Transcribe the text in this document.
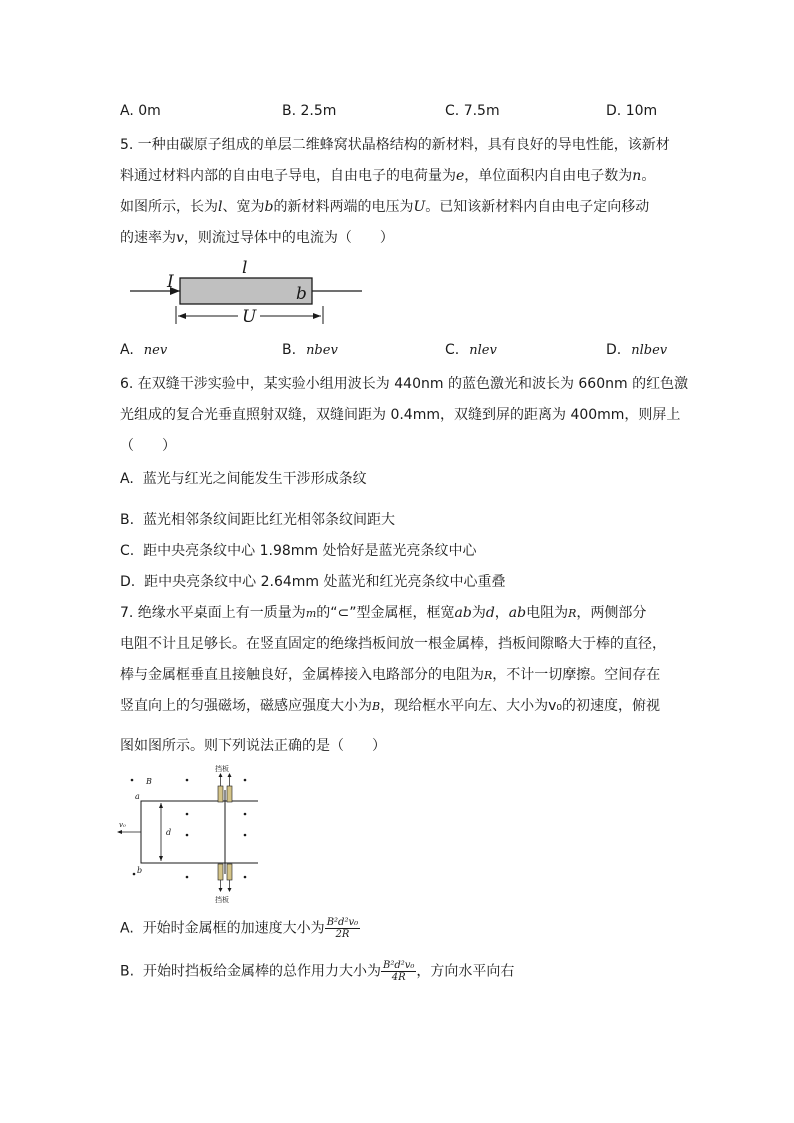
A. 0m	B. 2.5m	C. 7.5m	D. 10m
5. 一种由碳原子组成的单层二维蜂窝状晶格结构的新材料，具有良好的导电性能，该新材
料通过材料内部的自由电子导电，自由电子的电荷量为e，单位面积内自由电子数为n。
如图所示，长为l、宽为b的新材料两端的电压为U。已知该新材料内自由电子定向移动
的速率为v，则流过导体中的电流为（　　）
I
l
b
U
A. nev	B. nbev	C. nlev	D. nlbev
6. 在双缝干涉实验中，某实验小组用波长为 440nm 的蓝色激光和波长为 660nm 的红色激
光组成的复合光垂直照射双缝，双缝间距为 0.4mm，双缝到屏的距离为 400mm，则屏上
（　　）
A. 蓝光与红光之间能发生干涉形成条纹
B. 蓝光相邻条纹间距比红光相邻条纹间距大
C. 距中央亮条纹中心 1.98mm 处恰好是蓝光亮条纹中心
D. 距中央亮条纹中心 2.64mm 处蓝光和红光亮条纹中心重叠
7. 绝缘水平桌面上有一质量为m的“⊂”型金属框，框宽ab为d，ab电阻为R，两侧部分
电阻不计且足够长。在竖直固定的绝缘挡板间放一根金属棒，挡板间隙略大于棒的直径，
棒与金属框垂直且接触良好，金属棒接入电路部分的电阻为R，不计一切摩擦。空间存在
竖直向上的匀强磁场，磁感应强度大小为B，现给框水平向左、大小为v₀的初速度，俯视
图如图所示。则下列说法正确的是（　　）
B
a
b
d
v₀
挡板
挡板
A. 开始时金属框的加速度大小为 $\frac{\text{B²d²v₀}}{2R}$
B. 开始时挡板给金属棒的总作用力大小为 $\frac{\text{B²d²v₀}}{4R}$ ，方向水平向右
